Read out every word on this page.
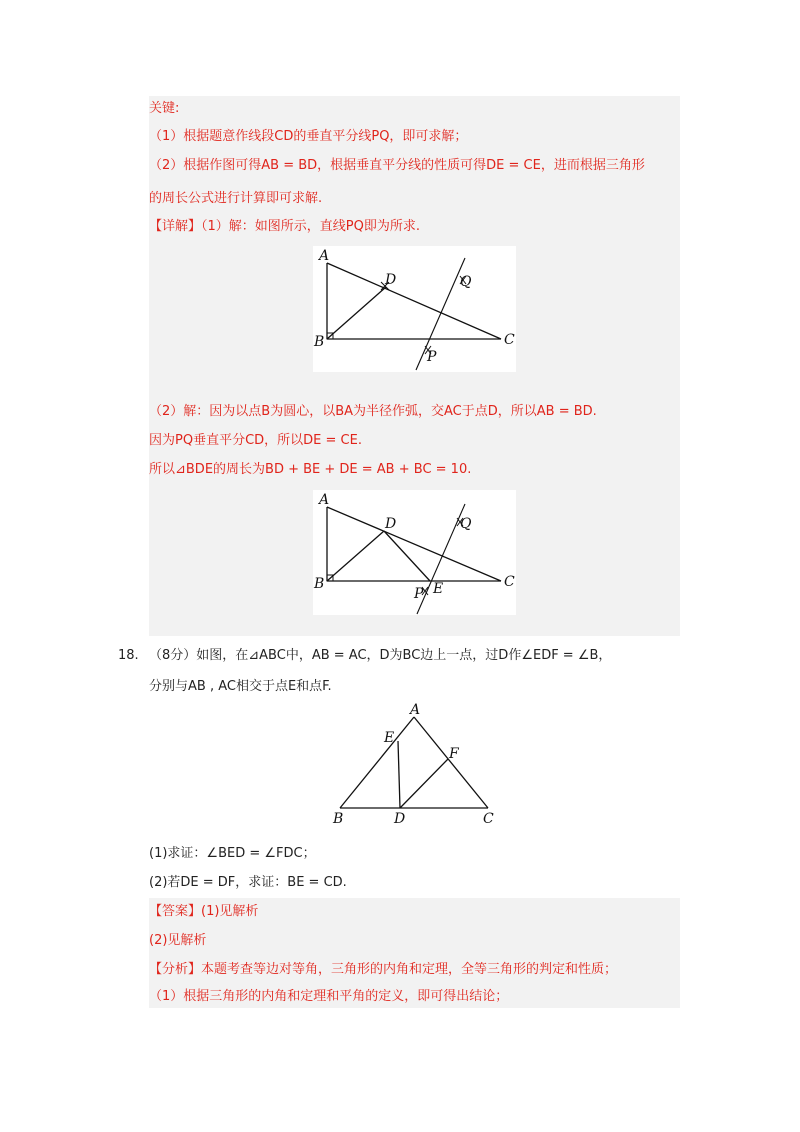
关键:
（1）根据题意作线段CD的垂直平分线PQ，即可求解；
（2）根据作图可得AB = BD，根据垂直平分线的性质可得DE = CE，进而根据三角形
的周长公式进行计算即可求解.
【详解】（1）解：如图所示，直线PQ即为所求.
A
B	C
D
P
Q
（2）解：因为以点B为圆心，以BA为半径作弧，交AC于点D，所以AB = BD.
因为PQ垂直平分CD，所以DE = CE.
所以⊿BDE的周长为BD + BE + DE = AB + BC = 10.
A
B	C
D
E
P
Q
18. （8分）如图，在⊿ABC中，AB = AC，D为BC边上一点，过D作∠EDF = ∠B，
分别与AB , AC相交于点E和点F.
A
B	C
D
E
F
(1)求证：∠BED = ∠FDC；
(2)若DE = DF，求证：BE = CD.
【答案】(1)见解析
(2)见解析
【分析】本题考查等边对等角，三角形的内角和定理，全等三角形的判定和性质；
（1）根据三角形的内角和定理和平角的定义，即可得出结论；
